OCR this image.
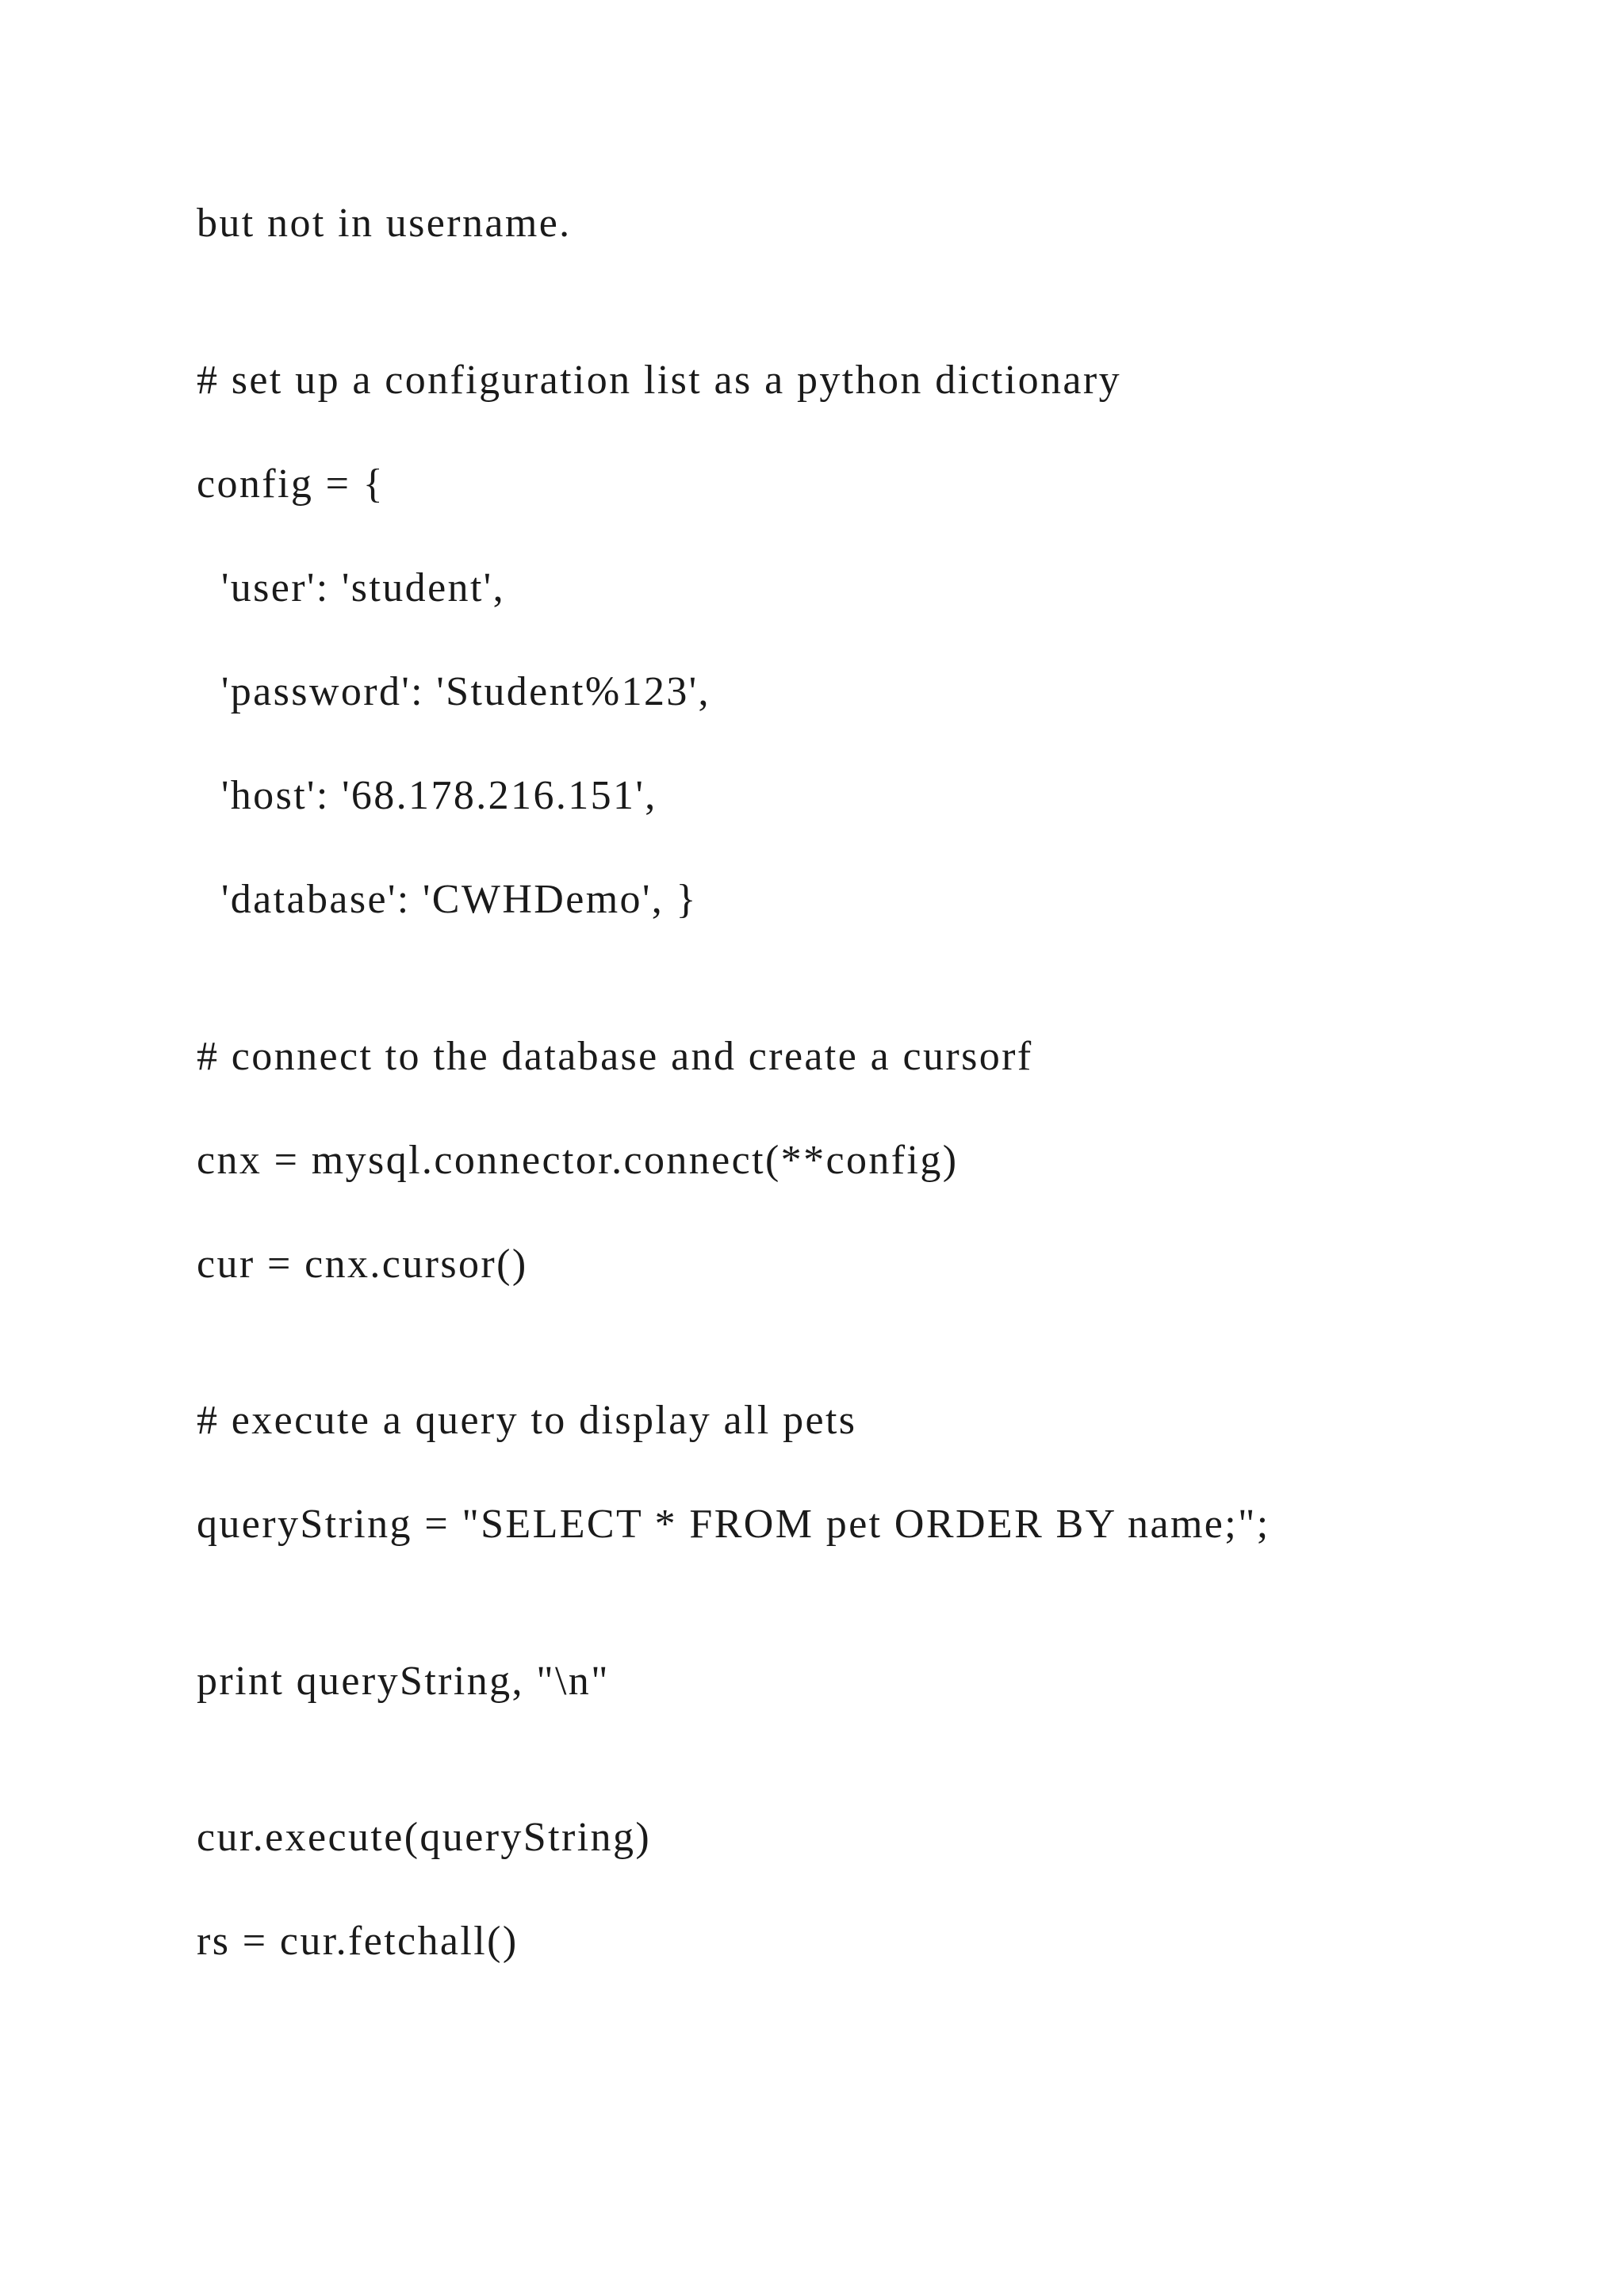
but not in username.
# set up a configuration list as a python dictionary
config = {
'user': 'student',
'password': 'Student%123',
'host': '68.178.216.151',
'database': 'CWHDemo', }
# connect to the database and create a cursorf
cnx = mysql.connector.connect(**config)
cur = cnx.cursor()
# execute a query to display all pets
queryString = "SELECT * FROM pet ORDER BY name;";
print queryString, "\n"
cur.execute(queryString)
rs = cur.fetchall()
